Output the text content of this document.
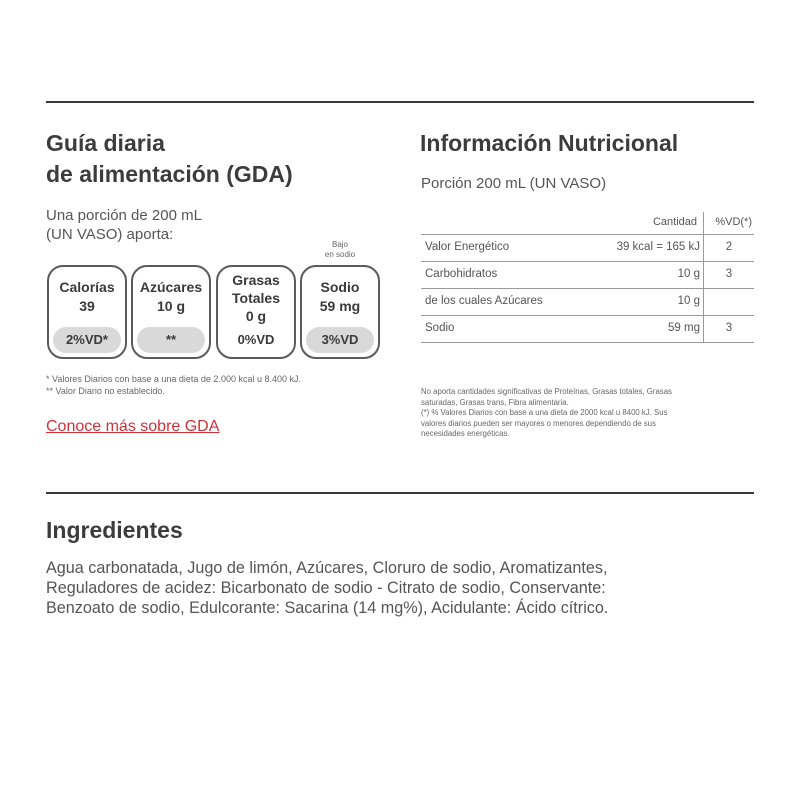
Guía diaria
de alimentación (GDA)
Una porción de 200 mL
(UN VASO) aporta:
Bajo
en sodio
Calorías
39
2%VD*
Azúcares
10 g
**
Grasas
Totales
0 g
0%VD
Sodio
59 mg
3%VD
* Valores Diarios con base a una dieta de 2.000 kcal u 8.400 kJ.
** Valor Diario no establecido.
Conoce más sobre GDA
Información Nutricional
Porción 200 mL (UN VASO)
Cantidad %VD(*)
Valor Energético	39 kcal = 165 kJ	2
Carbohidratos	10 g	3
de los cuales Azúcares	10 g
Sodio	59 mg	3
No aporta cantidades significativas de Proteínas, Grasas totales, Grasas
saturadas, Grasas trans, Fibra alimentaria.
(*) % Valores Diarios con base a una dieta de 2000 kcal u 8400 kJ. Sus
valores diarios pueden ser mayores o menores dependiendo de sus
necesidades energéticas.
Ingredientes
Agua carbonatada, Jugo de limón, Azúcares, Cloruro de sodio, Aromatizantes,
Reguladores de acidez: Bicarbonato de sodio - Citrato de sodio, Conservante:
Benzoato de sodio, Edulcorante: Sacarina (14 mg%), Acidulante: Ácido cítrico.
